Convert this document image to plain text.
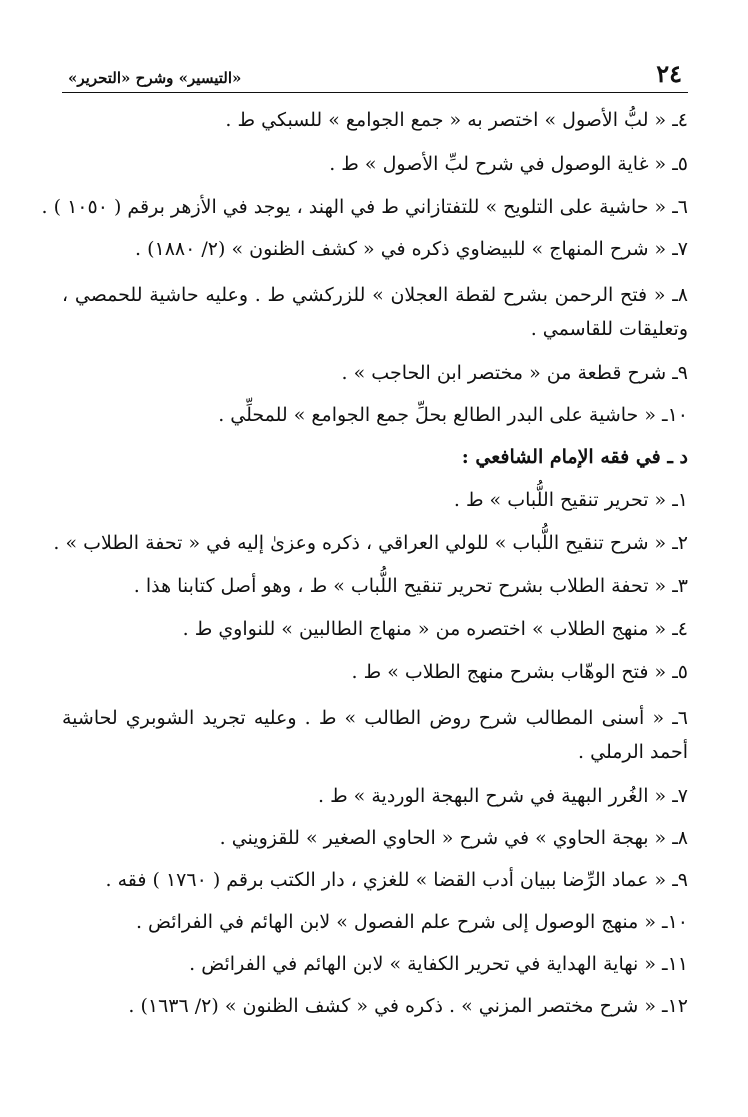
٢٤
«التيسير» وشرح «التحرير»
٤ـ « لبُّ الأصول » اختصر به « جمع الجوامع » للسبكي ط .
٥ـ « غاية الوصول في شرح لبِّ الأصول » ط .
٦ـ « حاشية على التلويح » للتفتازاني ط في الهند ، يوجد في الأزهر برقم ( ١٠٥٠ ) .
٧ـ « شرح المنهاج » للبيضاوي ذكره في « كشف الظنون » (٢/ ١٨٨٠) .
٨ـ « فتح الرحمن بشرح لقطة العجلان » للزركشي ط . وعليه حاشية للحمصي ، وتعليقات للقاسمي .
٩ـ شرح قطعة من « مختصر ابن الحاجب » .
١٠ـ « حاشية على البدر الطالع بحلِّ جمع الجوامع » للمحلِّي .
د ـ في فقه الإمام الشافعي :
١ـ « تحرير تنقيح اللُّباب » ط .
٢ـ « شرح تنقيح اللُّباب » للولي العراقي ، ذكره وعزىٰ إليه في « تحفة الطلاب » .
٣ـ « تحفة الطلاب بشرح تحرير تنقيح اللُّباب » ط ، وهو أصل كتابنا هذا .
٤ـ « منهج الطلاب » اختصره من « منهاج الطالبين » للنواوي ط .
٥ـ « فتح الوهّاب بشرح منهج الطلاب » ط .
٦ـ « أسنى المطالب شرح روض الطالب » ط . وعليه تجريد الشوبري لحاشية أحمد الرملي .
٧ـ « الغُرر البهية في شرح البهجة الوردية » ط .
٨ـ « بهجة الحاوي » في شرح « الحاوي الصغير » للقزويني .
٩ـ « عماد الرِّضا ببيان أدب القضا » للغزي ، دار الكتب برقم ( ١٧٦٠ ) فقه .
١٠ـ « منهج الوصول إلى شرح علم الفصول » لابن الهائم في الفرائض .
١١ـ « نهاية الهداية في تحرير الكفاية » لابن الهائم في الفرائض .
١٢ـ « شرح مختصر المزني » . ذكره في « كشف الظنون » (٢/ ١٦٣٦) .
